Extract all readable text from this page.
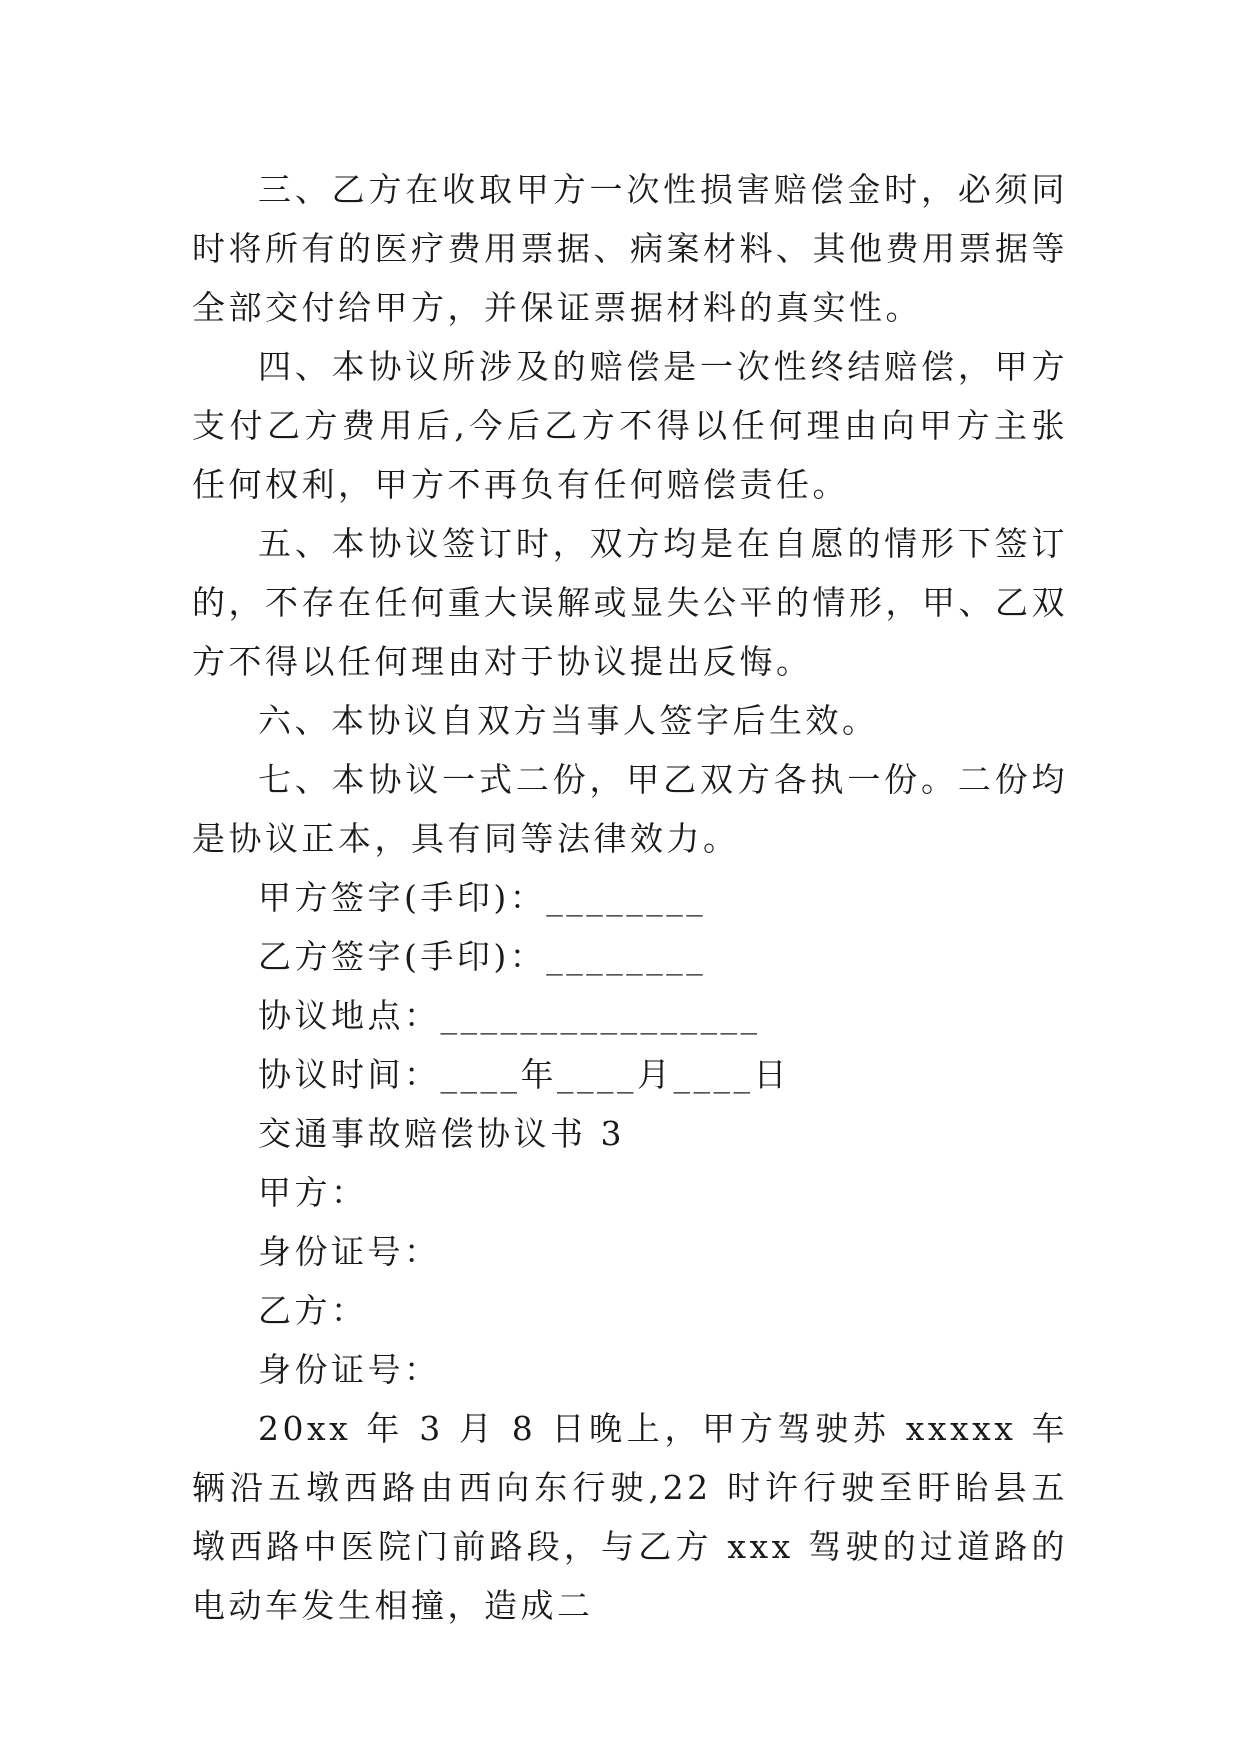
三、乙方在收取甲方一次性损害赔偿金时，必须同时将所有的医疗费用票据、病案材料、其他费用票据等全部交付给甲方，并保证票据材料的真实性。

四、本协议所涉及的赔偿是一次性终结赔偿，甲方支付乙方费用后,今后乙方不得以任何理由向甲方主张任何权利，甲方不再负有任何赔偿责任。

五、本协议签订时，双方均是在自愿的情形下签订的，不存在任何重大误解或显失公平的情形，甲、乙双方不得以任何理由对于协议提出反悔。

六、本协议自双方当事人签字后生效。

七、本协议一式二份，甲乙双方各执一份。二份均是协议正本，具有同等法律效力。

甲方签字(手印)：________

乙方签字(手印)：________

协议地点：________________

协议时间：____年____月____日

交通事故赔偿协议书 3

甲方：

身份证号：

乙方：

身份证号：

20xx 年 3 月 8 日晚上，甲方驾驶苏 xxxxx 车辆沿五墩西路由西向东行驶,22 时许行驶至盱眙县五墩西路中医院门前路段，与乙方 xxx 驾驶的过道路的电动车发生相撞，造成二
